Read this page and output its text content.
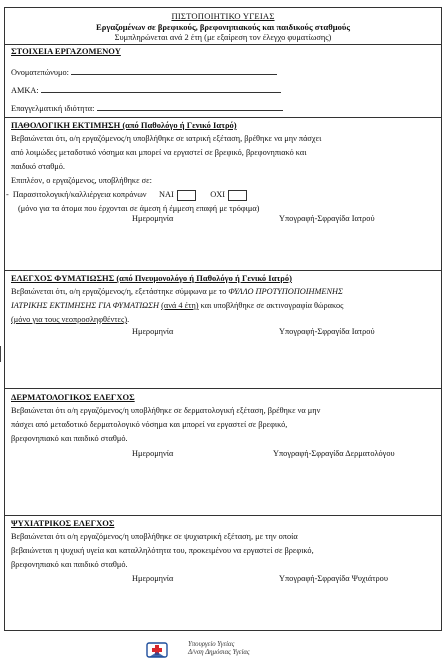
ΠΙΣΤΟΠΟΙΗΤΙΚΟ ΥΓΕΙΑΣ
Εργαζομένων σε βρεφικούς, βρεφονηπιακούς και παιδικούς σταθμούς
Συμπληρώνεται ανά 2 έτη (με εξαίρεση τον έλεγχο φυματίωσης)
ΣΤΟΙΧΕΙΑ ΕΡΓΑΖΟΜΕΝΟΥ
Ονοματεπώνυμο:
ΑΜΚΑ:
Επαγγελματική ιδιότητα:
ΠΑΘΟΛΟΓΙΚΗ ΕΚΤΙΜΗΣΗ (από Παθολόγο ή Γενικό Ιατρό)

Βεβαιώνεται ότι, ο/η εργαζόμενος/η υποβλήθηκε σε ιατρική εξέταση, βρέθηκε να μην πάσχει

από λοιμώδες μεταδοτικό νόσημα και μπορεί να εργαστεί σε βρεφικό, βρεφονηπιακό και

παιδικό σταθμό.

Επιπλέον, ο εργαζόμενος, υποβλήθηκε σε:

-  Παρασιτολογική/καλλιέργεια κοπράνων ΝΑΙ	ΟΧΙ

(μόνο για τα άτομα που έρχονται σε άμεση ή έμμεση επαφή με τρόφιμα)

Ημερομηνία	Υπογραφή-Σφραγίδα Ιατρού
ΕΛΕΓΧΟΣ ΦΥΜΑΤΙΩΣΗΣ (από Πνευμονολόγο ή Παθολόγο ή Γενικό Ιατρό)

Βεβαιώνεται ότι, ο/η εργαζόμενος/η, εξετάστηκε σύμφωνα με το ΦΥΛΛΟ ΠΡΟΤΥΠΟΠΟΙΗΜΕΝΗΣ

ΙΑΤΡΙΚΗΣ ΕΚΤΙΜΗΣΗΣ ΓΙΑ ΦΥΜΑΤΙΩΣΗ (ανά 4 έτη) και υποβλήθηκε σε ακτινογραφία θώρακος

(μόνο για τους νεοπροσληφθέντες).

Ημερομηνία	Υπογραφή-Σφραγίδα Ιατρού
ΔΕΡΜΑΤΟΛΟΓΙΚΟΣ ΕΛΕΓΧΟΣ

Βεβαιώνεται ότι ο/η εργαζόμενος/η υποβλήθηκε σε δερματολογική εξέταση, βρέθηκε να μην

πάσχει από μεταδοτικό δερματολογικό νόσημα και μπορεί να εργαστεί σε βρεφικό,

βρεφονηπιακό και παιδικό σταθμό.

Ημερομηνία	Υπογραφή-Σφραγίδα Δερματολόγου
ΨΥΧΙΑΤΡΙΚΟΣ ΕΛΕΓΧΟΣ

Βεβαιώνεται ότι ο/η εργαζόμενος/η υποβλήθηκε σε ψυχιατρική εξέταση, με την οποία

βεβαιώνεται η ψυχική υγεία και καταλληλότητα του, προκειμένου να εργαστεί σε βρεφικό,

βρεφονηπιακό και παιδικό σταθμό.

Ημερομηνία	Υπογραφή-Σφραγίδα Ψυχιάτρου
Υπουργείο Υγείας
Δ/νση Δημόσιας Υγείας
